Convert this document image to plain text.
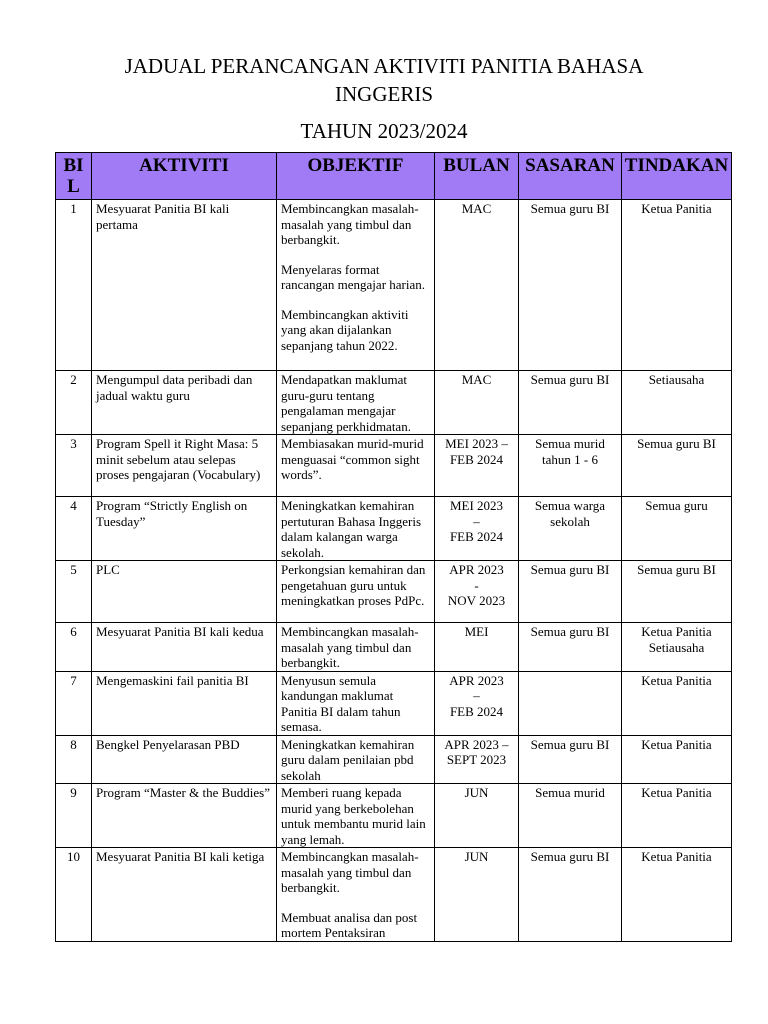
JADUAL PERANCANGAN AKTIVITI PANITIA BAHASA

INGGERIS

TAHUN 2023/2024

BIL	AKTIVITI	OBJEKTIF	BULAN	SASARAN	TINDAKAN
1	Mesyuarat Panitia BI kali pertama	Membincangkan masalah-masalah yang timbul dan berbangkit.

Menyelaras format rancangan mengajar harian.

Membincangkan aktiviti yang akan dijalankan sepanjang tahun 2022.	MAC	Semua guru BI	Ketua Panitia

2	Mengumpul data peribadi dan jadual waktu guru	Mendapatkan maklumat guru-guru tentang pengalaman mengajar sepanjang perkhidmatan.	MAC	Semua guru BI	Setiausaha

3	Program Spell it Right Masa: 5 minit sebelum atau selepas proses pengajaran (Vocabulary)	Membiasakan murid-murid menguasai “common sight words”.	MEI 2023 –
FEB 2024	Semua murid tahun 1 - 6	Semua guru BI

4	Program “Strictly English on Tuesday”	Meningkatkan kemahiran pertuturan Bahasa Inggeris dalam kalangan warga sekolah.	MEI 2023
–
FEB 2024	Semua warga sekolah	Semua guru

5	PLC	Perkongsian kemahiran dan pengetahuan guru untuk meningkatkan proses PdPc.	APR 2023
-
NOV 2023	Semua guru BI	Semua guru BI

6	Mesyuarat Panitia BI kali kedua	Membincangkan masalah-masalah yang timbul dan berbangkit.	MEI	Semua guru BI	Ketua Panitia
Setiausaha

7	Mengemaskini fail panitia BI	Menyusun semula kandungan maklumat Panitia BI dalam tahun semasa.	APR 2023
–
FEB 2024		Ketua Panitia

8	Bengkel Penyelarasan PBD	Meningkatkan kemahiran guru dalam penilaian pbd sekolah	APR 2023 –
SEPT 2023	Semua guru BI	Ketua Panitia

9	Program “Master & the Buddies”	Memberi ruang kepada murid yang berkebolehan untuk membantu murid lain yang lemah.	JUN	Semua murid	Ketua Panitia

10	Mesyuarat Panitia BI kali ketiga	Membincangkan masalah-masalah yang timbul dan berbangkit.

Membuat analisa dan post mortem Pentaksiran	JUN	Semua guru BI	Ketua Panitia
